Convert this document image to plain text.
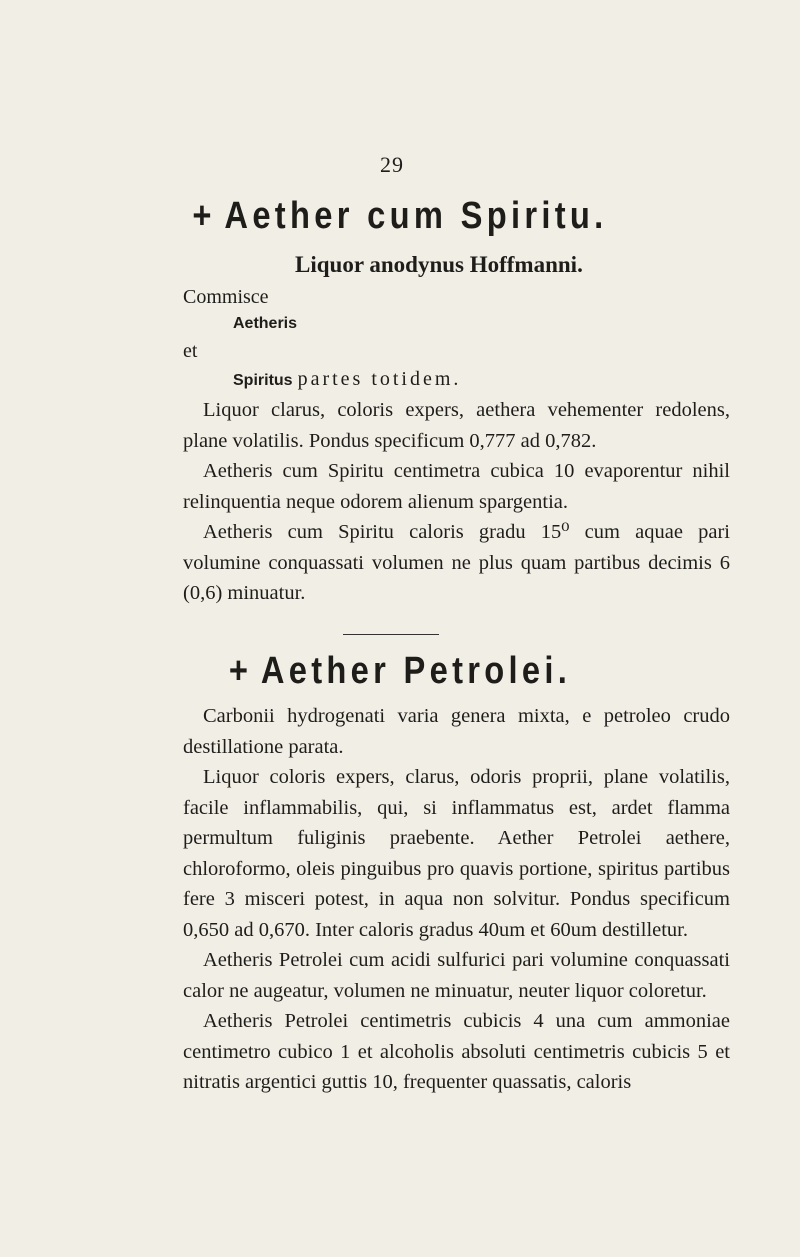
29
+ Aether cum Spiritu.
Liquor anodynus Hoffmanni.
Commisce
Aetheris
et
Spiritus partes totidem.

Liquor clarus, coloris expers, aethera vehementer redolens, plane volatilis. Pondus specificum 0,777 ad 0,782.

Aetheris cum Spiritu centimetra cubica 10 evaporentur nihil relinquentia neque odorem alienum spargentia.

Aetheris cum Spiritu caloris gradu 15⁰ cum aquae pari volumine conquassati volumen ne plus quam partibus decimis 6 (0,6) minuatur.

+ Aether Petrolei.

Carbonii hydrogenati varia genera mixta, e petroleo crudo destillatione parata.

Liquor coloris expers, clarus, odoris proprii, plane volatilis, facile inflammabilis, qui, si inflammatus est, ardet flamma permultum fuliginis praebente. Aether Petrolei aethere, chloroformo, oleis pinguibus pro quavis portione, spiritus partibus fere 3 misceri potest, in aqua non solvitur. Pondus specificum 0,650 ad 0,670. Inter caloris gradus 40um et 60um destilletur.

Aetheris Petrolei cum acidi sulfurici pari volumine conquassati calor ne augeatur, volumen ne minuatur, neuter liquor coloretur.

Aetheris Petrolei centimetris cubicis 4 una cum ammoniae centimetro cubico 1 et alcoholis absoluti centimetris cubicis 5 et nitratis argentici guttis 10, frequenter quassatis, caloris
